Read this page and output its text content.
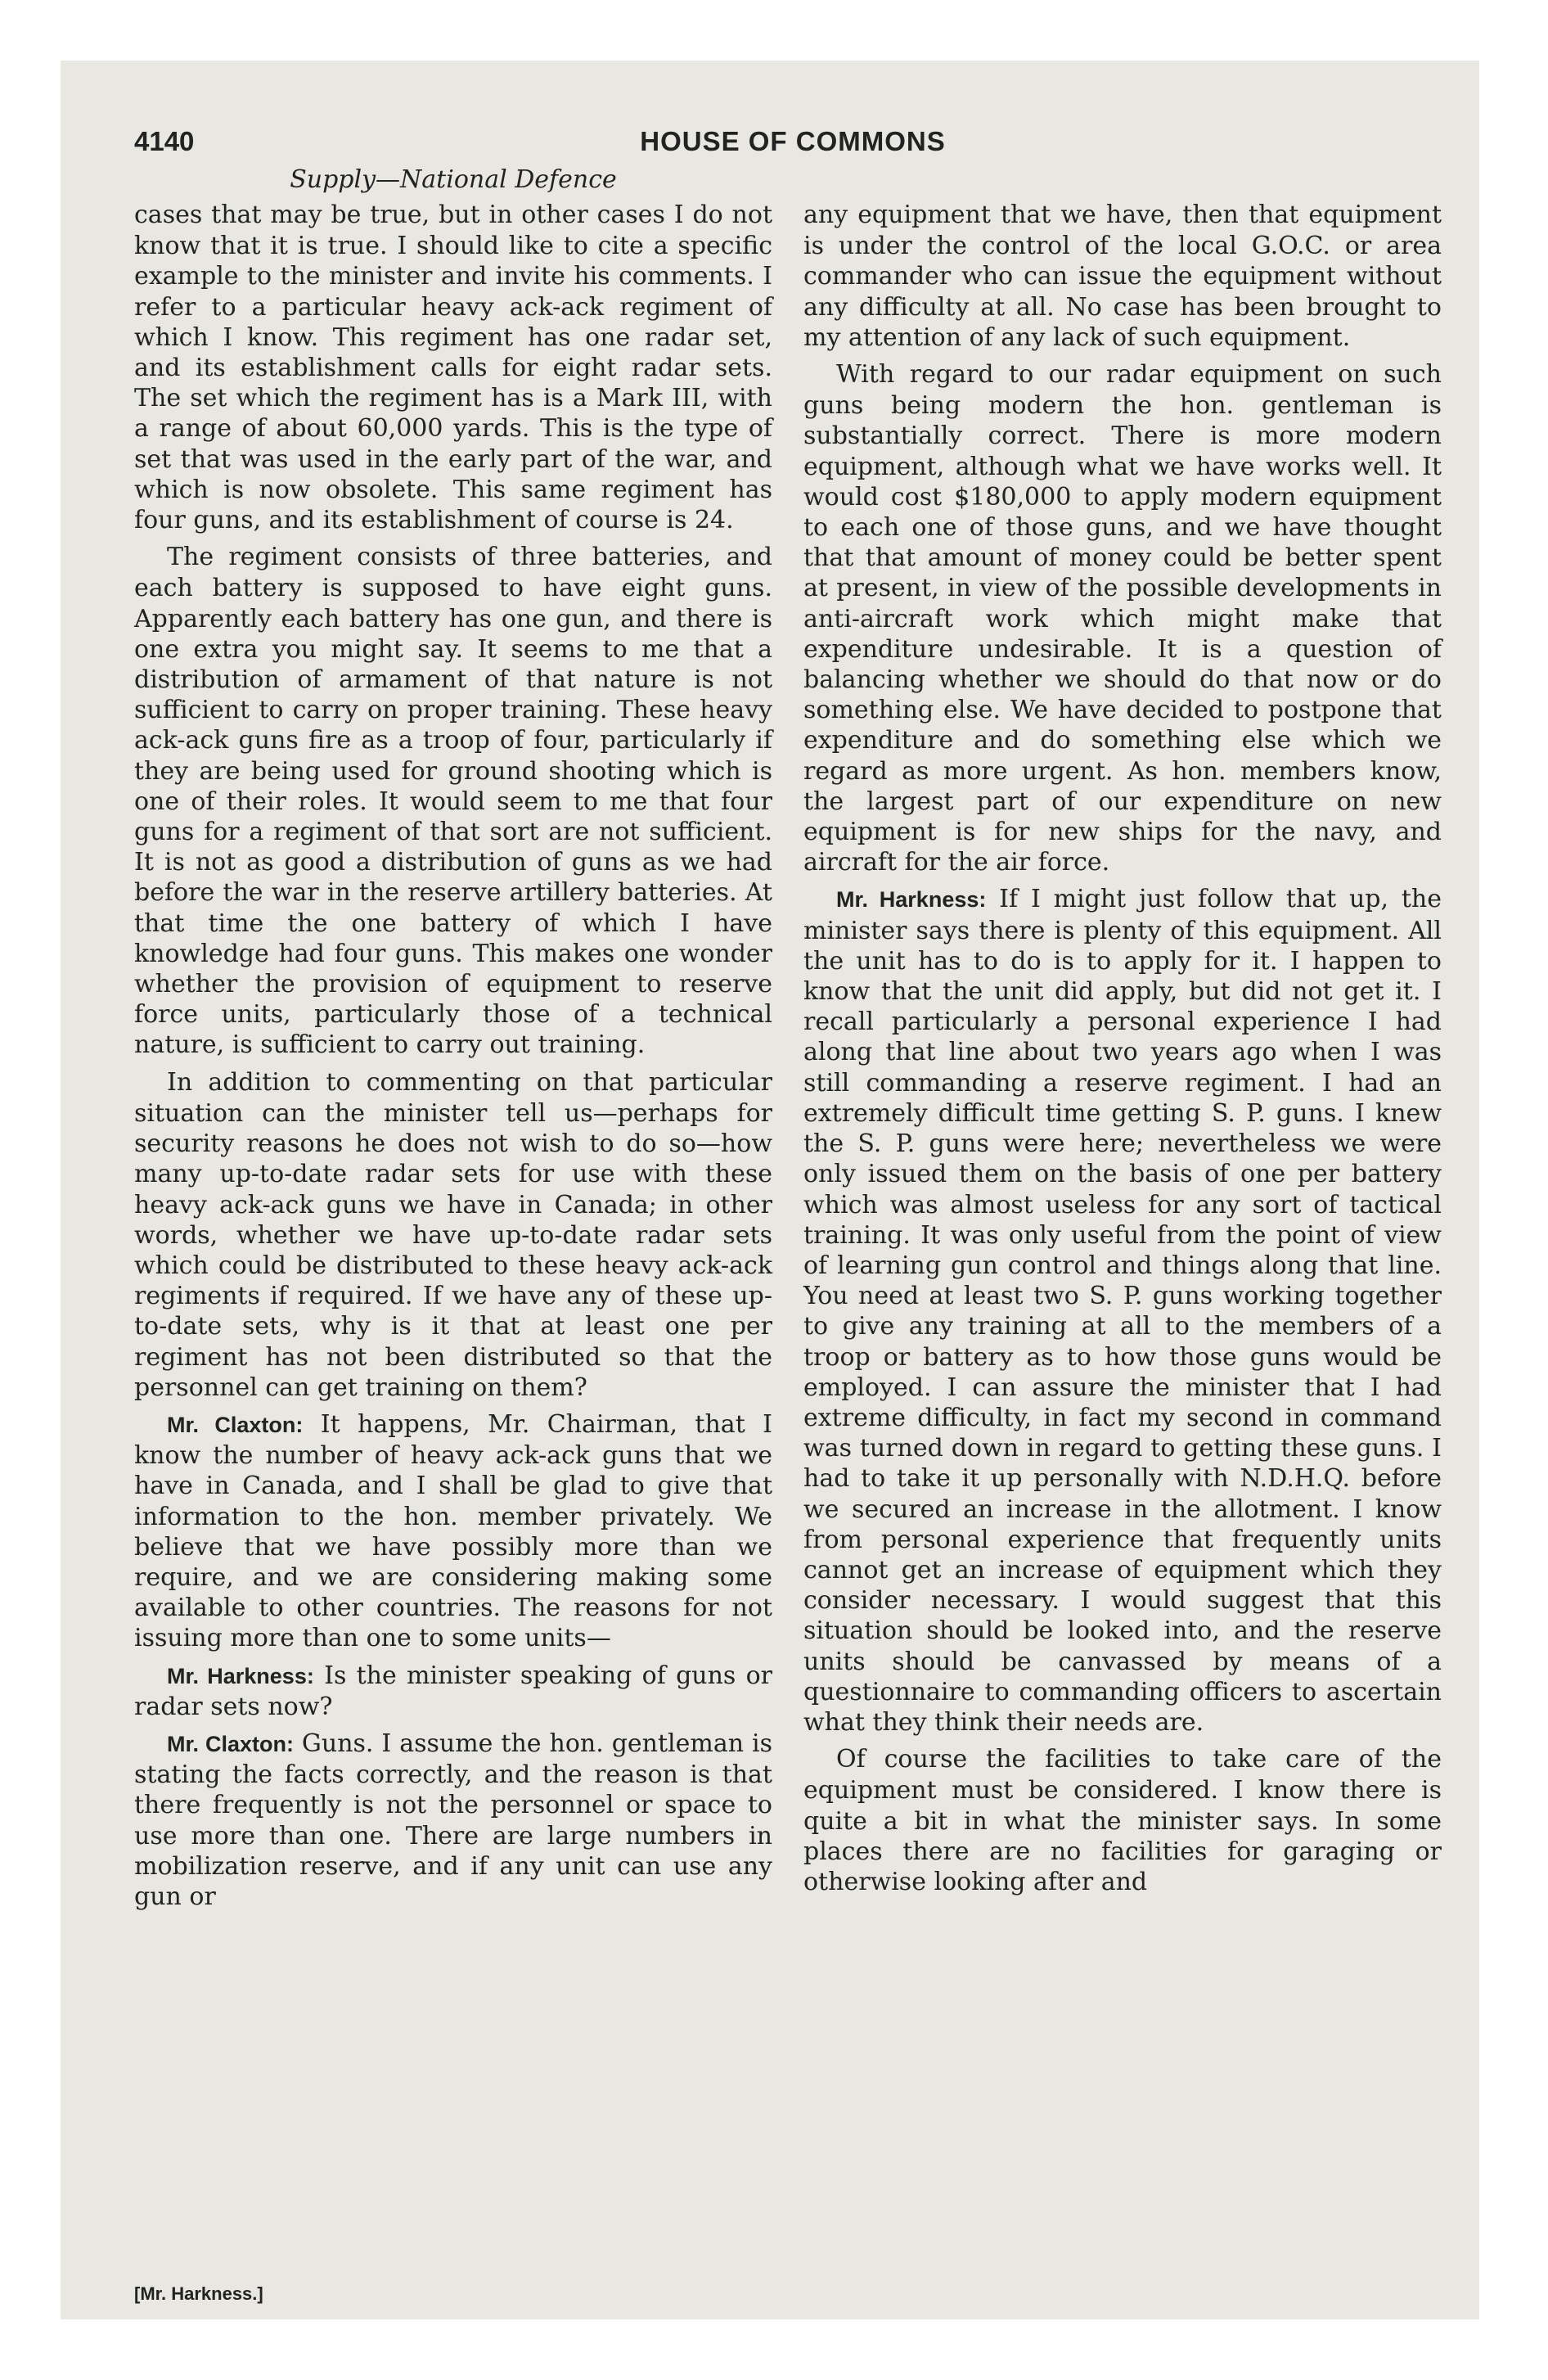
4140	HOUSE OF COMMONS
Supply—National Defence

cases that may be true, but in other cases I do not know that it is true. I should like to cite a specific example to the minister and invite his comments. I refer to a particular heavy ack-ack regiment of which I know. This regiment has one radar set, and its establishment calls for eight radar sets. The set which the regiment has is a Mark III, with a range of about 60,000 yards. This is the type of set that was used in the early part of the war, and which is now obsolete. This same regiment has four guns, and its establishment of course is 24.

The regiment consists of three batteries, and each battery is supposed to have eight guns. Apparently each battery has one gun, and there is one extra you might say. It seems to me that a distribution of armament of that nature is not sufficient to carry on proper training. These heavy ack-ack guns fire as a troop of four, particularly if they are being used for ground shooting which is one of their roles. It would seem to me that four guns for a regiment of that sort are not sufficient. It is not as good a distribution of guns as we had before the war in the reserve artillery batteries. At that time the one battery of which I have knowledge had four guns. This makes one wonder whether the provision of equipment to reserve force units, particularly those of a technical nature, is sufficient to carry out training.

In addition to commenting on that particular situation can the minister tell us—perhaps for security reasons he does not wish to do so—how many up-to-date radar sets for use with these heavy ack-ack guns we have in Canada; in other words, whether we have up-to-date radar sets which could be distributed to these heavy ack-ack regiments if required. If we have any of these up-to-date sets, why is it that at least one per regiment has not been distributed so that the personnel can get training on them?

Mr. Claxton: It happens, Mr. Chairman, that I know the number of heavy ack-ack guns that we have in Canada, and I shall be glad to give that information to the hon. member privately. We believe that we have possibly more than we require, and we are considering making some available to other countries. The reasons for not issuing more than one to some units—

Mr. Harkness: Is the minister speaking of guns or radar sets now?

Mr. Claxton: Guns. I assume the hon. gentleman is stating the facts correctly, and the reason is that there frequently is not the personnel or space to use more than one. There are large numbers in mobilization reserve, and if any unit can use any gun or

any equipment that we have, then that equipment is under the control of the local G.O.C. or area commander who can issue the equipment without any difficulty at all. No case has been brought to my attention of any lack of such equipment.

With regard to our radar equipment on such guns being modern the hon. gentleman is substantially correct. There is more modern equipment, although what we have works well. It would cost $180,000 to apply modern equipment to each one of those guns, and we have thought that that amount of money could be better spent at present, in view of the possible developments in anti-aircraft work which might make that expenditure undesirable. It is a question of balancing whether we should do that now or do something else. We have decided to postpone that expenditure and do something else which we regard as more urgent. As hon. members know, the largest part of our expenditure on new equipment is for new ships for the navy, and aircraft for the air force.

Mr. Harkness: If I might just follow that up, the minister says there is plenty of this equipment. All the unit has to do is to apply for it. I happen to know that the unit did apply, but did not get it. I recall particularly a personal experience I had along that line about two years ago when I was still commanding a reserve regiment. I had an extremely difficult time getting S. P. guns. I knew the S. P. guns were here; nevertheless we were only issued them on the basis of one per battery which was almost useless for any sort of tactical training. It was only useful from the point of view of learning gun control and things along that line. You need at least two S. P. guns working together to give any training at all to the members of a troop or battery as to how those guns would be employed. I can assure the minister that I had extreme difficulty, in fact my second in command was turned down in regard to getting these guns. I had to take it up personally with N.D.H.Q. before we secured an increase in the allotment. I know from personal experience that frequently units cannot get an increase of equipment which they consider necessary. I would suggest that this situation should be looked into, and the reserve units should be canvassed by means of a questionnaire to commanding officers to ascertain what they think their needs are.

Of course the facilities to take care of the equipment must be considered. I know there is quite a bit in what the minister says. In some places there are no facilities for garaging or otherwise looking after and

[Mr. Harkness.]
